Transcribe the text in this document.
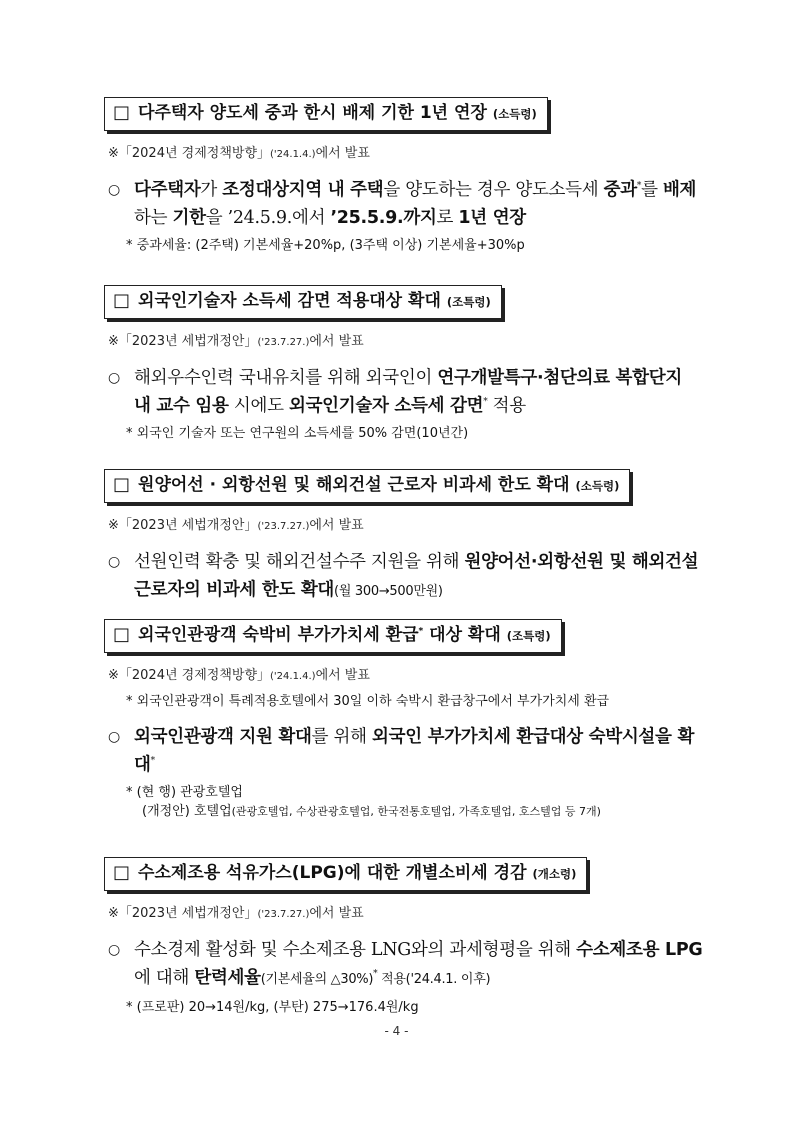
□ 다주택자 양도세 중과 한시 배제 기한 1년 연장 (소득령)
※「2024년 경제정책방향」('24.1.4.)에서 발표
○ 다주택자가 조정대상지역 내 주택을 양도하는 경우 양도소득세 중과*를 배제하는 기한을 ’24.5.9.에서 ’25.5.9.까지로 1년 연장
* 중과세율: (2주택) 기본세율+20%p, (3주택 이상) 기본세율+30%p
□ 외국인기술자 소득세 감면 적용대상 확대 (조특령)
※「2023년 세법개정안」('23.7.27.)에서 발표
○ 해외우수인력 국내유치를 위해 외국인이 연구개발특구·첨단의료 복합단지 내 교수 임용 시에도 외국인기술자 소득세 감면* 적용
* 외국인 기술자 또는 연구원의 소득세를 50% 감면(10년간)
□ 원양어선 · 외항선원 및 해외건설 근로자 비과세 한도 확대 (소득령)
※「2023년 세법개정안」('23.7.27.)에서 발표
○ 선원인력 확충 및 해외건설수주 지원을 위해 원양어선·외항선원 및 해외건설근로자의 비과세 한도 확대(월 300→500만원)
□ 외국인관광객 숙박비 부가가치세 환급* 대상 확대 (조특령)
※「2024년 경제정책방향」('24.1.4.)에서 발표
* 외국인관광객이 특례적용호텔에서 30일 이하 숙박시 환급창구에서 부가가치세 환급
○ 외국인관광객 지원 확대를 위해 외국인 부가가치세 환급대상 숙박시설을 확대*
* (현 행) 관광호텔업
(개정안) 호텔업(관광호텔업, 수상관광호텔업, 한국전통호텔업, 가족호텔업, 호스텔업 등 7개)
□ 수소제조용 석유가스(LPG)에 대한 개별소비세 경감 (개소령)
※「2023년 세법개정안」('23.7.27.)에서 발표
○ 수소경제 활성화 및 수소제조용 LNG와의 과세형평을 위해 수소제조용 LPG에 대해 탄력세율(기본세율의 △30%)* 적용('24.4.1. 이후)
* (프로판) 20→14원/kg, (부탄) 275→176.4원/kg
- 4 -
